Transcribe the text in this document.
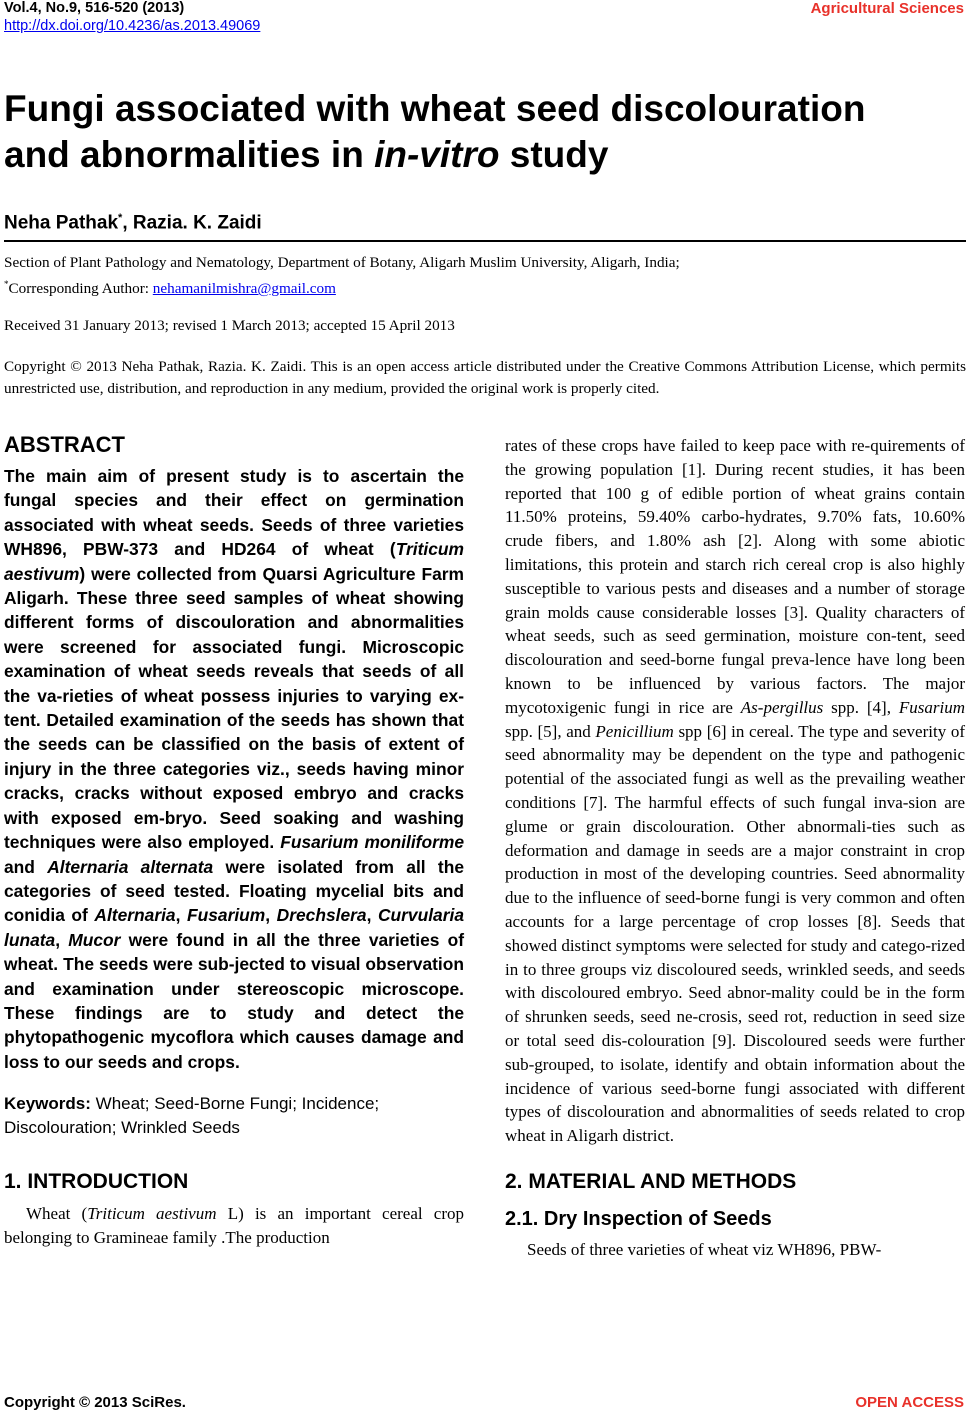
Vol.4, No.9, 516-520 (2013)
http://dx.doi.org/10.4236/as.2013.49069
Agricultural Sciences
Fungi associated with wheat seed discolouration
and abnormalities in in-vitro study
Neha Pathak*, Razia. K. Zaidi
Section of Plant Pathology and Nematology, Department of Botany, Aligarh Muslim University, Aligarh, India;
*Corresponding Author: nehamanilmishra@gmail.com
Received 31 January 2013; revised 1 March 2013; accepted 15 April 2013
Copyright © 2013 Neha Pathak, Razia. K. Zaidi. This is an open access article distributed under the Creative Commons Attribution License, which permits unrestricted use, distribution, and reproduction in any medium, provided the original work is properly cited.
ABSTRACT

The main aim of present study is to ascertain the fungal species and their effect on germination associated with wheat seeds. Seeds of three varieties WH896, PBW-373 and HD264 of wheat (Triticum aestivum) were collected from Quarsi Agriculture Farm Aligarh. These three seed samples of wheat showing different forms of discouloration and abnormalities were screened for associated fungi. Microscopic examination of wheat seeds reveals that seeds of all the va-rieties of wheat possess injuries to varying ex-tent. Detailed examination of the seeds has shown that the seeds can be classified on the basis of extent of injury in the three categories viz., seeds having minor cracks, cracks without exposed embryo and cracks with exposed em-bryo. Seed soaking and washing techniques were also employed. Fusarium moniliforme and Alternaria alternata were isolated from all the categories of seed tested. Floating mycelial bits and conidia of Alternaria, Fusarium, Drechslera, Curvularia lunata, Mucor were found in all the three varieties of wheat. The seeds were sub-jected to visual observation and examination under stereoscopic microscope. These findings are to study and detect the phytopathogenic mycoflora which causes damage and loss to our seeds and crops.

Keywords: Wheat; Seed-Borne Fungi; Incidence; Discolouration; Wrinkled Seeds

1. INTRODUCTION

Wheat (Triticum aestivum L) is an important cereal crop belonging to Gramineae family .The production

rates of these crops have failed to keep pace with re-quirements of the growing population [1]. During recent studies, it has been reported that 100 g of edible portion of wheat grains contain 11.50% proteins, 59.40% carbo-hydrates, 9.70% fats, 10.60% crude fibers, and 1.80% ash [2]. Along with some abiotic limitations, this protein and starch rich cereal crop is also highly susceptible to various pests and diseases and a number of storage grain molds cause considerable losses [3]. Quality characters of wheat seeds, such as seed germination, moisture con-tent, seed discolouration and seed-borne fungal preva-lence have long been known to be influenced by various factors. The major mycotoxigenic fungi in rice are As-pergillus spp. [4], Fusarium spp. [5], and Penicillium spp [6] in cereal. The type and severity of seed abnormality may be dependent on the type and pathogenic potential of the associated fungi as well as the prevailing weather conditions [7]. The harmful effects of such fungal inva-sion are glume or grain discolouration. Other abnormali-ties such as deformation and damage in seeds are a major constraint in crop production in most of the developing countries. Seed abnormality due to the influence of seed-borne fungi is very common and often accounts for a large percentage of crop losses [8]. Seeds that showed distinct symptoms were selected for study and catego-rized in to three groups viz discoloured seeds, wrinkled seeds, and seeds with discoloured embryo. Seed abnor-mality could be in the form of shrunken seeds, seed ne-crosis, seed rot, reduction in seed size or total seed dis-colouration [9]. Discoloured seeds were further sub-grouped, to isolate, identify and obtain information about the incidence of various seed-borne fungi associated with different types of discolouration and abnormalities of seeds related to crop wheat in Aligarh district.

2. MATERIAL AND METHODS
2.1. Dry Inspection of Seeds

Seeds of three varieties of wheat viz WH896, PBW-

Copyright © 2013 SciRes.	OPEN ACCESS
